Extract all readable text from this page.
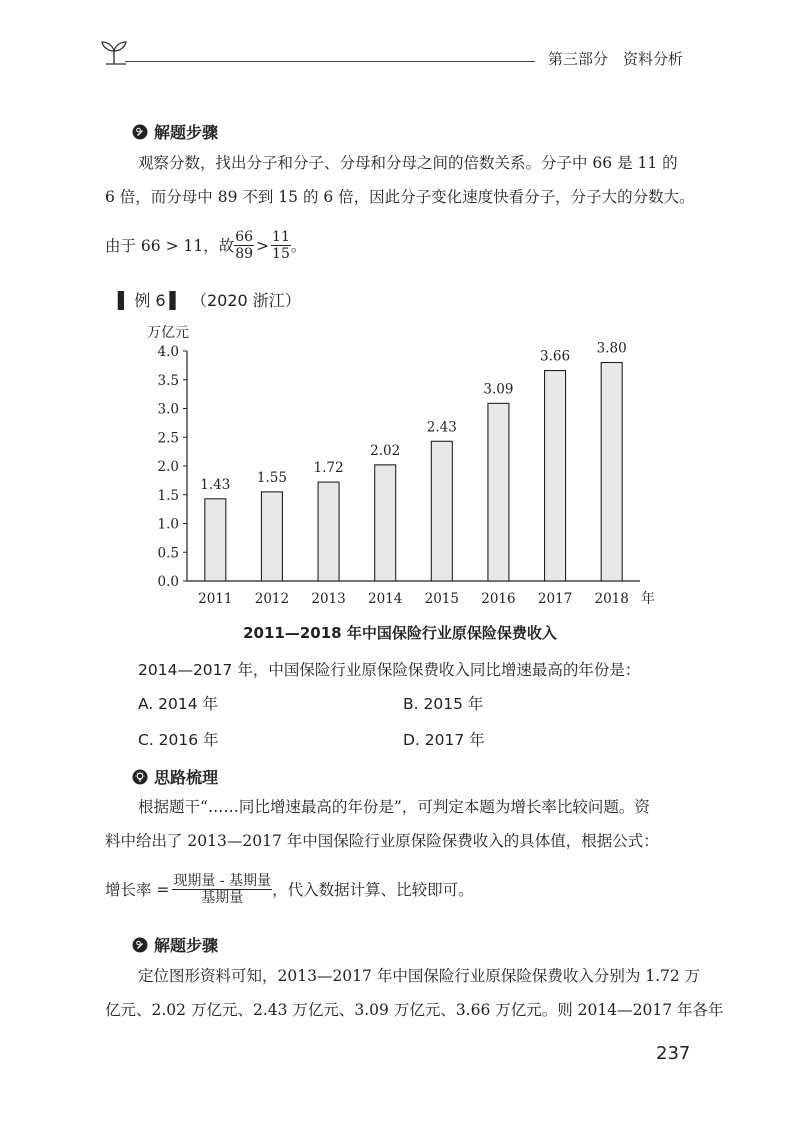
第三部分　资料分析
解题步骤
观察分数，找出分子和分子、分母和分母之间的倍数关系。分子中 66 是 11 的
6 倍，而分母中 89 不到 15 的 6 倍，因此分子变化速度快看分子，分子大的分数大。
由于 66 > 11，故 $\frac{66}{89} > \frac{11}{15}$ 。
▌ 例 6 ▌ （2020 浙江）
万亿元
年
0.0
0.5
1.0
1.5
2.0
2.5
3.0
3.5
4.0
1.43
2011
1.55
2012
1.72
2013
2.02
2014
2.43
2015
3.09
2016
3.66
2017
3.80
2018
2011—2018 年中国保险行业原保险保费收入
2014—2017 年，中国保险行业原保险保费收入同比增速最高的年份是：
A. 2014 年	B. 2015 年
C. 2016 年	D. 2017 年
思路梳理
根据题干“……同比增速最高的年份是”，可判定本题为增长率比较问题。资
料中给出了 2013—2017 年中国保险行业原保险保费收入的具体值，根据公式：
增长率 = $\frac{\text{现期量 - 基期量}}{\text{基期量}}$ ，代入数据计算、比较即可。
解题步骤
定位图形资料可知，2013—2017 年中国保险行业原保险保费收入分别为 1.72 万
亿元、2.02 万亿元、2.43 万亿元、3.09 万亿元、3.66 万亿元。则 2014—2017 年各年
237
